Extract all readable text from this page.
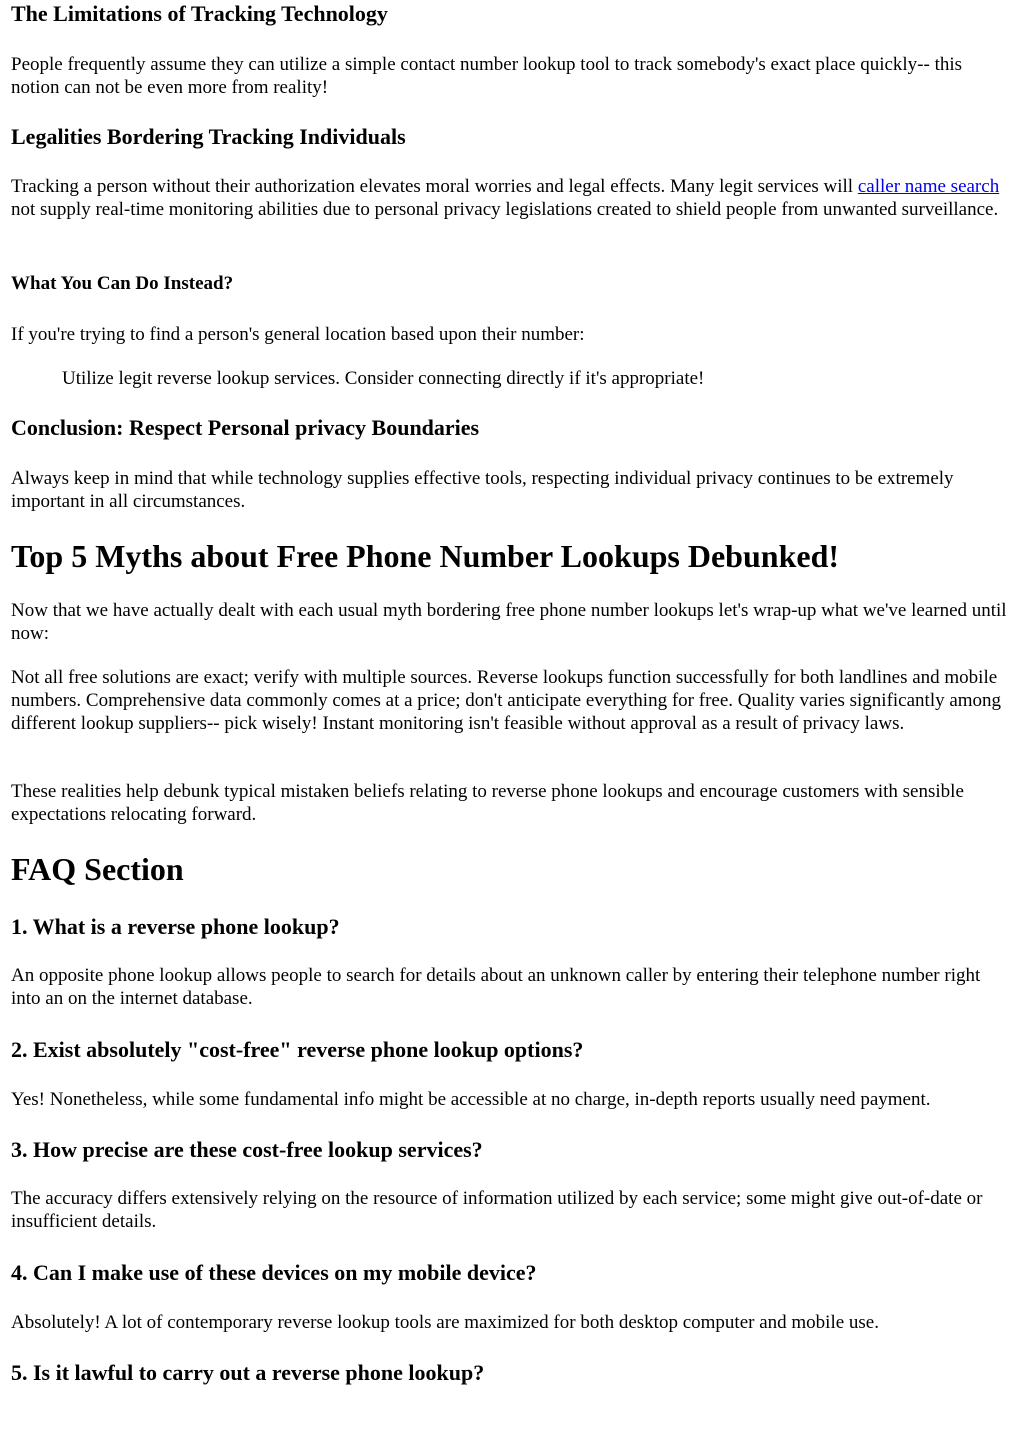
The Limitations of Tracking Technology

People frequently assume they can utilize a simple contact number lookup tool to track somebody's exact place quickly-- this notion can not be even more from reality!

Legalities Bordering Tracking Individuals

Tracking a person without their authorization elevates moral worries and legal effects. Many legit services will caller name search not supply real-time monitoring abilities due to personal privacy legislations created to shield people from unwanted surveillance.

What You Can Do Instead?

If you're trying to find a person's general location based upon their number:

Utilize legit reverse lookup services. Consider connecting directly if it's appropriate!
Conclusion: Respect Personal privacy Boundaries

Always keep in mind that while technology supplies effective tools, respecting individual privacy continues to be extremely important in all circumstances.

Top 5 Myths about Free Phone Number Lookups Debunked!

Now that we have actually dealt with each usual myth bordering free phone number lookups let's wrap-up what we've learned until now:

Not all free solutions are exact; verify with multiple sources. Reverse lookups function successfully for both landlines and mobile numbers. Comprehensive data commonly comes at a price; don't anticipate everything for free. Quality varies significantly among different lookup suppliers-- pick wisely! Instant monitoring isn't feasible without approval as a result of privacy laws.

These realities help debunk typical mistaken beliefs relating to reverse phone lookups and encourage customers with sensible expectations relocating forward.

FAQ Section
1. What is a reverse phone lookup?

An opposite phone lookup allows people to search for details about an unknown caller by entering their telephone number right into an on the internet database.

2. Exist absolutely "cost-free" reverse phone lookup options?

Yes! Nonetheless, while some fundamental info might be accessible at no charge, in-depth reports usually need payment.

3. How precise are these cost-free lookup services?

The accuracy differs extensively relying on the resource of information utilized by each service; some might give out-of-date or insufficient details.

4. Can I make use of these devices on my mobile device?

Absolutely! A lot of contemporary reverse lookup tools are maximized for both desktop computer and mobile use.

5. Is it lawful to carry out a reverse phone lookup?
